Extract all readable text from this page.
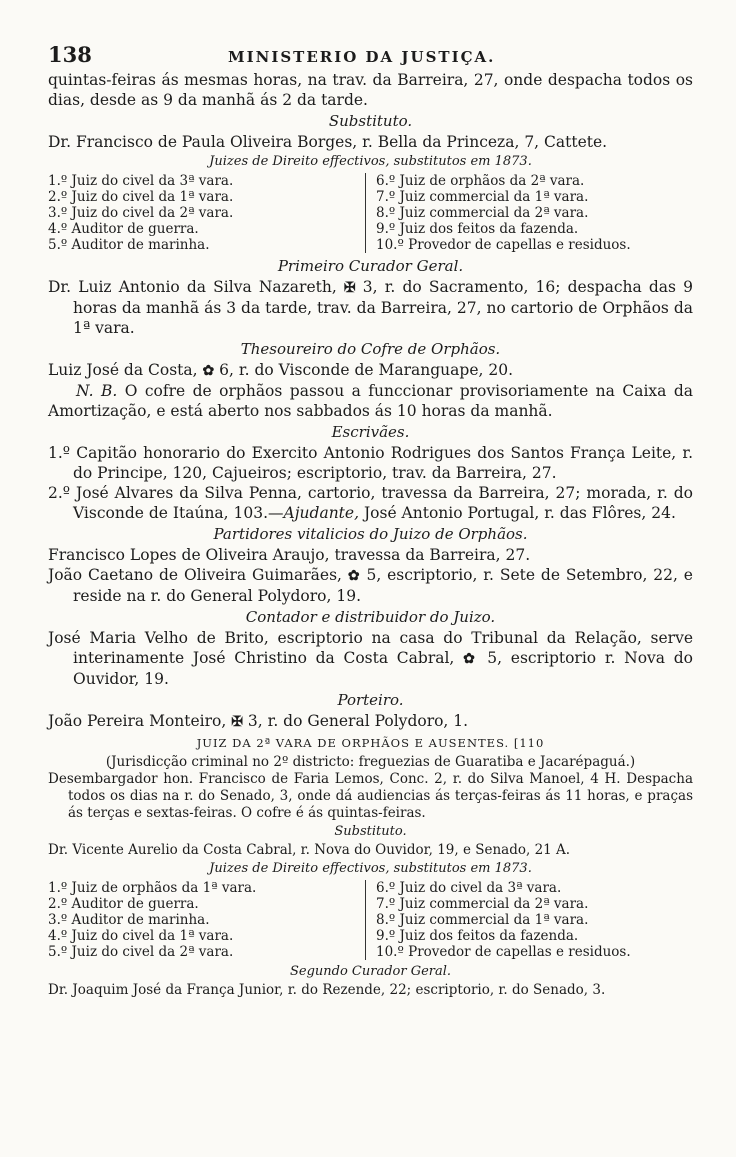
138	MINISTERIO DA JUSTIÇA.

quintas-feiras ás mesmas horas, na trav. da Barreira, 27, onde despacha todos os dias, desde as 9 da manhã ás 2 da tarde.

Substituto.

Dr. Francisco de Paula Oliveira Borges, r. Bella da Princeza, 7, Cattete.

Juizes de Direito effectivos, substitutos em 1873.

1.º Juiz do civel da 3ª vara.
2.º Juiz do civel da 1ª vara.
3.º Juiz do civel da 2ª vara.
4.º Auditor de guerra.
5.º Auditor de marinha.
6.º Juiz de orphãos da 2ª vara.
7.º Juiz commercial da 1ª vara.
8.º Juiz commercial da 2ª vara.
9.º Juiz dos feitos da fazenda.
10.º Provedor de capellas e residuos.

Primeiro Curador Geral.

Dr. Luiz Antonio da Silva Nazareth, ✠ 3, r. do Sacramento, 16; despacha das 9 horas da manhã ás 3 da tarde, trav. da Barreira, 27, no cartorio de Orphãos da 1ª vara.

Thesoureiro do Cofre de Orphãos.

Luiz José da Costa, ✿ 6, r. do Visconde de Maranguape, 20.

N. B. O cofre de orphãos passou a funccionar provisoriamente na Caixa da Amortização, e está aberto nos sabbados ás 10 horas da manhã.

Escrivães.

1.º Capitão honorario do Exercito Antonio Rodrigues dos Santos França Leite, r. do Principe, 120, Cajueiros; escriptorio, trav. da Barreira, 27.

2.º José Alvares da Silva Penna, cartorio, travessa da Barreira, 27; morada, r. do Visconde de Itaúna, 103.—Ajudante, José Antonio Portugal, r. das Flôres, 24.

Partidores vitalicios do Juizo de Orphãos.

Francisco Lopes de Oliveira Araujo, travessa da Barreira, 27.

João Caetano de Oliveira Guimarães, ✿ 5, escriptorio, r. Sete de Setembro, 22, e reside na r. do General Polydoro, 19.

Contador e distribuidor do Juizo.

José Maria Velho de Brito, escriptorio na casa do Tribunal da Relação, serve interinamente José Christino da Costa Cabral, ✿ 5, escriptorio r. Nova do Ouvidor, 19.

Porteiro.

João Pereira Monteiro, ✠ 3, r. do General Polydoro, 1.

JUIZ DA 2ª VARA DE ORPHÃOS E AUSENTES. [110

(Jurisdicção criminal no 2º districto: freguezias de Guaratiba e Jacarépaguá.)

Desembargador hon. Francisco de Faria Lemos, Conc. 2, r. do Silva Manoel, 4 H. Despacha todos os dias na r. do Senado, 3, onde dá audiencias ás terças-feiras ás 11 horas, e praças ás terças e sextas-feiras. O cofre é ás quintas-feiras.

Substituto.

Dr. Vicente Aurelio da Costa Cabral, r. Nova do Ouvidor, 19, e Senado, 21 A.

Juizes de Direito effectivos, substitutos em 1873.

1.º Juiz de orphãos da 1ª vara.
2.º Auditor de guerra.
3.º Auditor de marinha.
4.º Juiz do civel da 1ª vara.
5.º Juiz do civel da 2ª vara.
6.º Juiz do civel da 3ª vara.
7.º Juiz commercial da 2ª vara.
8.º Juiz commercial da 1ª vara.
9.º Juiz dos feitos da fazenda.
10.º Provedor de capellas e residuos.

Segundo Curador Geral.

Dr. Joaquim José da França Junior, r. do Rezende, 22; escriptorio, r. do Senado, 3.
